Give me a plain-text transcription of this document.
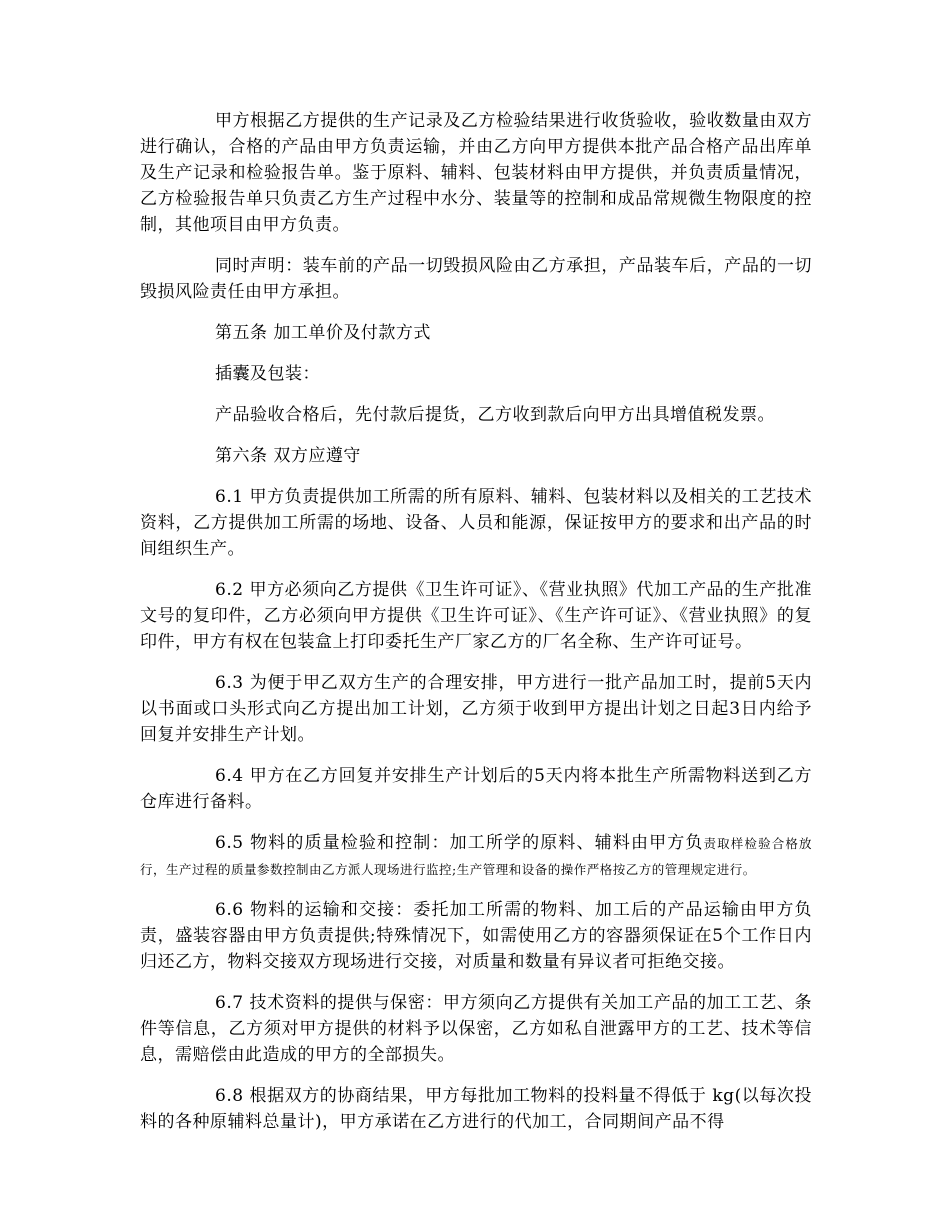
甲方根据乙方提供的生产记录及乙方检验结果进行收货验收，验收数量由双方进行确认，合格的产品由甲方负责运输，并由乙方向甲方提供本批产品合格产品出库单及生产记录和检验报告单。鉴于原料、辅料、包装材料由甲方提供，并负责质量情况，乙方检验报告单只负责乙方生产过程中水分、装量等的控制和成品常规微生物限度的控制，其他项目由甲方负责。

同时声明：装车前的产品一切毁损风险由乙方承担，产品装车后，产品的一切毁损风险责任由甲方承担。

第五条 加工单价及付款方式

插囊及包装：

产品验收合格后，先付款后提货，乙方收到款后向甲方出具增值税发票。

第六条 双方应遵守

6.1 甲方负责提供加工所需的所有原料、辅料、包装材料以及相关的工艺技术资料，乙方提供加工所需的场地、设备、人员和能源，保证按甲方的要求和出产品的时间组织生产。

6.2 甲方必须向乙方提供《卫生许可证》、《营业执照》代加工产品的生产批准文号的复印件，乙方必须向甲方提供《卫生许可证》、《生产许可证》、《营业执照》的复印件，甲方有权在包装盒上打印委托生产厂家乙方的厂名全称、生产许可证号。

6.3 为便于甲乙双方生产的合理安排，甲方进行一批产品加工时，提前5天内以书面或口头形式向乙方提出加工计划，乙方须于收到甲方提出计划之日起3日内给予回复并安排生产计划。

6.4 甲方在乙方回复并安排生产计划后的5天内将本批生产所需物料送到乙方仓库进行备料。

6.5 物料的质量检验和控制：加工所学的原料、辅料由甲方负责取样检验合格放行，生产过程的质量参数控制由乙方派人现场进行监控;生产管理和设备的操作严格按乙方的管理规定进行。

6.6 物料的运输和交接：委托加工所需的物料、加工后的产品运输由甲方负责，盛装容器由甲方负责提供;特殊情况下，如需使用乙方的容器须保证在5个工作日内归还乙方，物料交接双方现场进行交接，对质量和数量有异议者可拒绝交接。

6.7 技术资料的提供与保密：甲方须向乙方提供有关加工产品的加工工艺、条件等信息，乙方须对甲方提供的材料予以保密，乙方如私自泄露甲方的工艺、技术等信息，需赔偿由此造成的甲方的全部损失。

6.8 根据双方的协商结果，甲方每批加工物料的投料量不得低于 kg(以每次投料的各种原辅料总量计)，甲方承诺在乙方进行的代加工，合同期间产品不得
